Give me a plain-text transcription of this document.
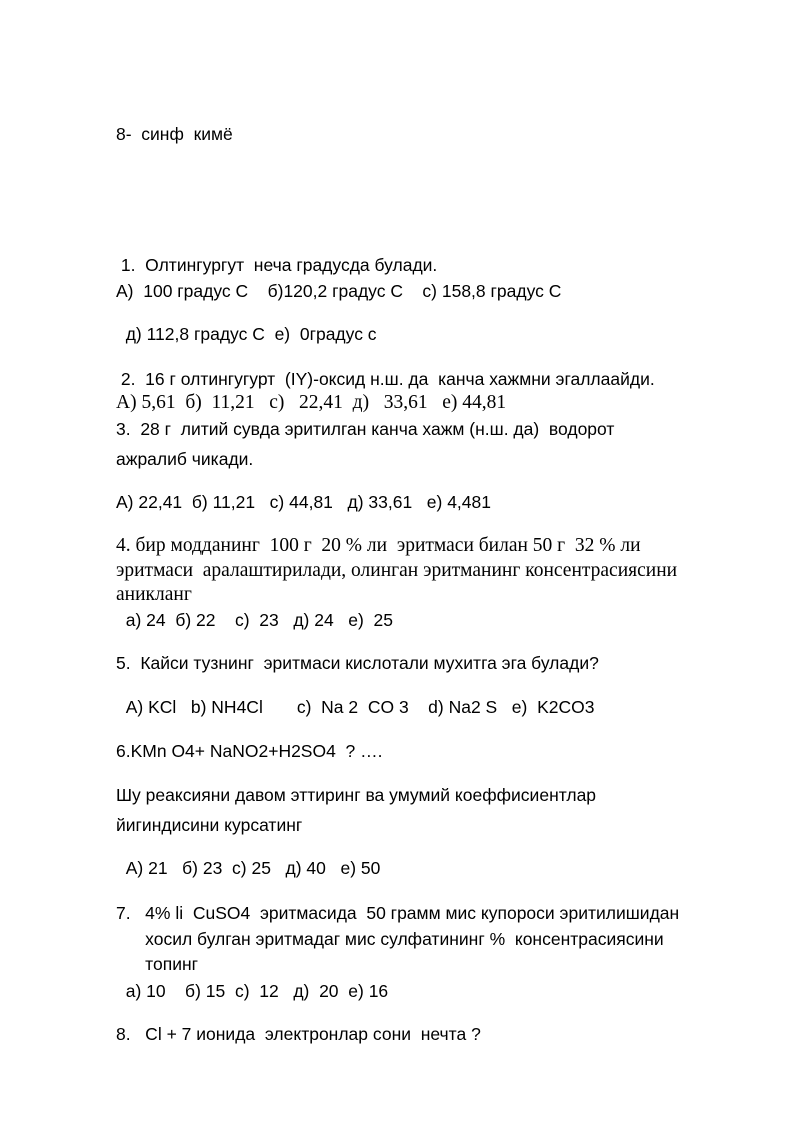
8-  синф  кимё
1.  Олтингургут  неча градусда булади.
А)  100 градус С    б)120,2 градус С    с) 158,8 градус С
д) 112,8 градус С  е)  0градус с
2.  16 г олтингугурт  (IY)-оксид н.ш. да  канча хажмни эгаллаайди.
А) 5,61  б)  11,21   с)   22,41  д)   33,61   е) 44,81
3.  28 г  литий сувда эритилган канча хажм (н.ш. да)  водорот
ажралиб чикади.
А) 22,41  б) 11,21   с) 44,81   д) 33,61   е) 4,481
4. бир модданинг  100 г  20 % ли  эритмаси билан 50 г  32 % ли
эритмаси  аралаштирилади, олинган эритманинг консентрасиясини
аникланг
а) 24  б) 22    с)  23   д) 24   е)  25
5.  Кайси тузнинг  эритмаси кислотали мухитга эга булади?
А) KCl   b) NH4Cl       c)  Na 2  CO 3    d) Na2 S   e)  K2CO3
6.KMn O4+ NaNO2+H2SO4  ? ….
Шу реаксияни давом эттиринг ва умумий коеффисиентлар
йигиндисини курсатинг
А) 21   б) 23  с) 25   д) 40   е) 50
7.   4% li  CuSO4  эритмасида  50 грамм мис купороси эритилишидан
хосил булган эритмадаг мис сулфатининг %  консентрасиясини
топинг
а) 10    б) 15  с)  12   д)  20  е) 16
8.   Cl + 7 ионида  электронлар сони  нечта ?
